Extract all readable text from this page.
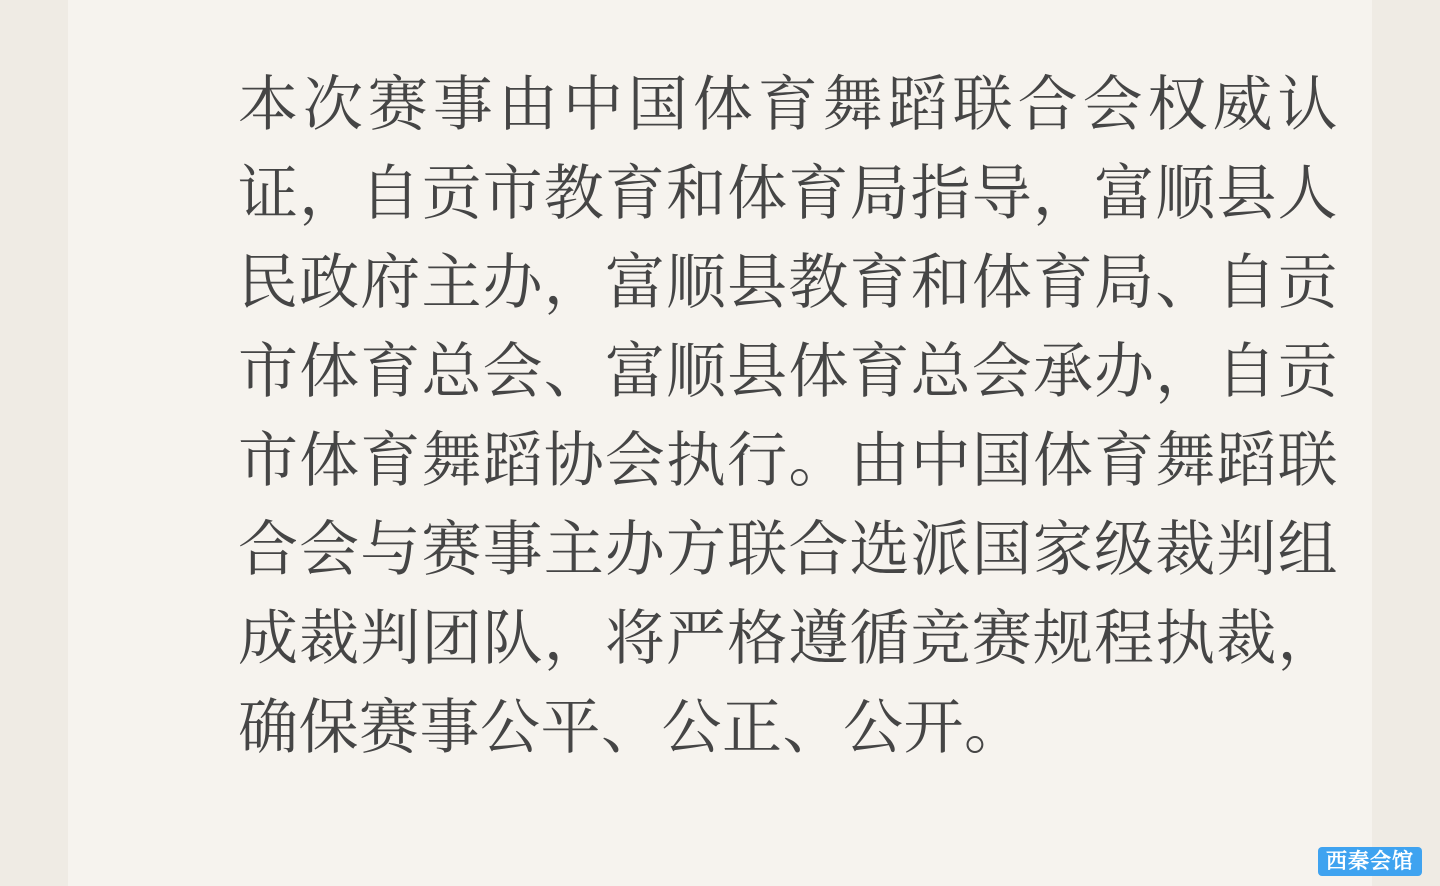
本次赛事由中国体育舞蹈联合会权威认证，自贡市教育和体育局指导，富顺县人民政府主办，富顺县教育和体育局、自贡市体育总会、富顺县体育总会承办，自贡市体育舞蹈协会执行。由中国体育舞蹈联合会与赛事主办方联合选派国家级裁判组成裁判团队，将严格遵循竞赛规程执裁，确保赛事公平、公正、公开。

西秦会馆
